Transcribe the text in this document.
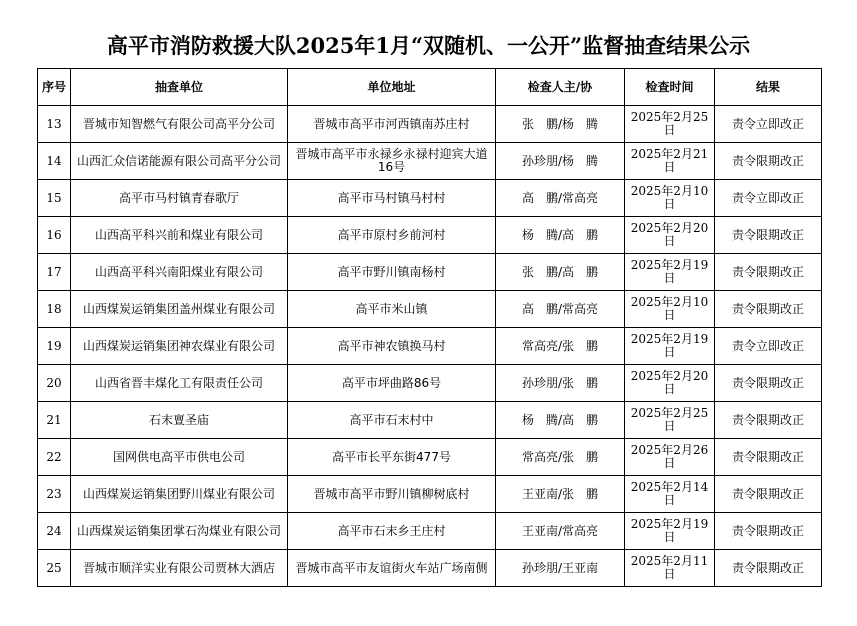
高平市消防救援大队2025年1月“双随机、一公开”监督抽查结果公示
序号	抽查单位	单位地址	检查人主/协	检查时间	结果
13	晋城市知智燃气有限公司高平分公司	晋城市高平市河西镇南苏庄村	张　鹏/杨　腾	2025年2月25日	责令立即改正
14	山西汇众信诺能源有限公司高平分公司	晋城市高平市永禄乡永禄村迎宾大道16号	孙珍朋/杨　腾	2025年2月21日	责令限期改正
15	高平市马村镇青春歌厅	高平市马村镇马村村	高　鹏/常高亮	2025年2月10日	责令立即改正
16	山西高平科兴前和煤业有限公司	高平市原村乡前河村	杨　腾/高　鹏	2025年2月20日	责令限期改正
17	山西高平科兴南阳煤业有限公司	高平市野川镇南杨村	张　鹏/高　鹏	2025年2月19日	责令限期改正
18	山西煤炭运销集团盖州煤业有限公司	高平市米山镇	高　鹏/常高亮	2025年2月10日	责令限期改正
19	山西煤炭运销集团神农煤业有限公司	高平市神农镇换马村	常高亮/张　鹏	2025年2月19日	责令立即改正
20	山西省晋丰煤化工有限责任公司	高平市坪曲路86号	孙珍朋/张　鹏	2025年2月20日	责令限期改正
21	石末亶圣庙	高平市石末村中	杨　腾/高　鹏	2025年2月25日	责令限期改正
22	国网供电高平市供电公司	高平市长平东街477号	常高亮/张　鹏	2025年2月26日	责令限期改正
23	山西煤炭运销集团野川煤业有限公司	晋城市高平市野川镇柳树底村	王亚南/张　鹏	2025年2月14日	责令限期改正
24	山西煤炭运销集团掌石沟煤业有限公司	高平市石末乡王庄村	王亚南/常高亮	2025年2月19日	责令限期改正
25	晋城市顺洋实业有限公司贾林大酒店	晋城市高平市友谊街火车站广场南侧	孙珍朋/王亚南	2025年2月11日	责令限期改正
